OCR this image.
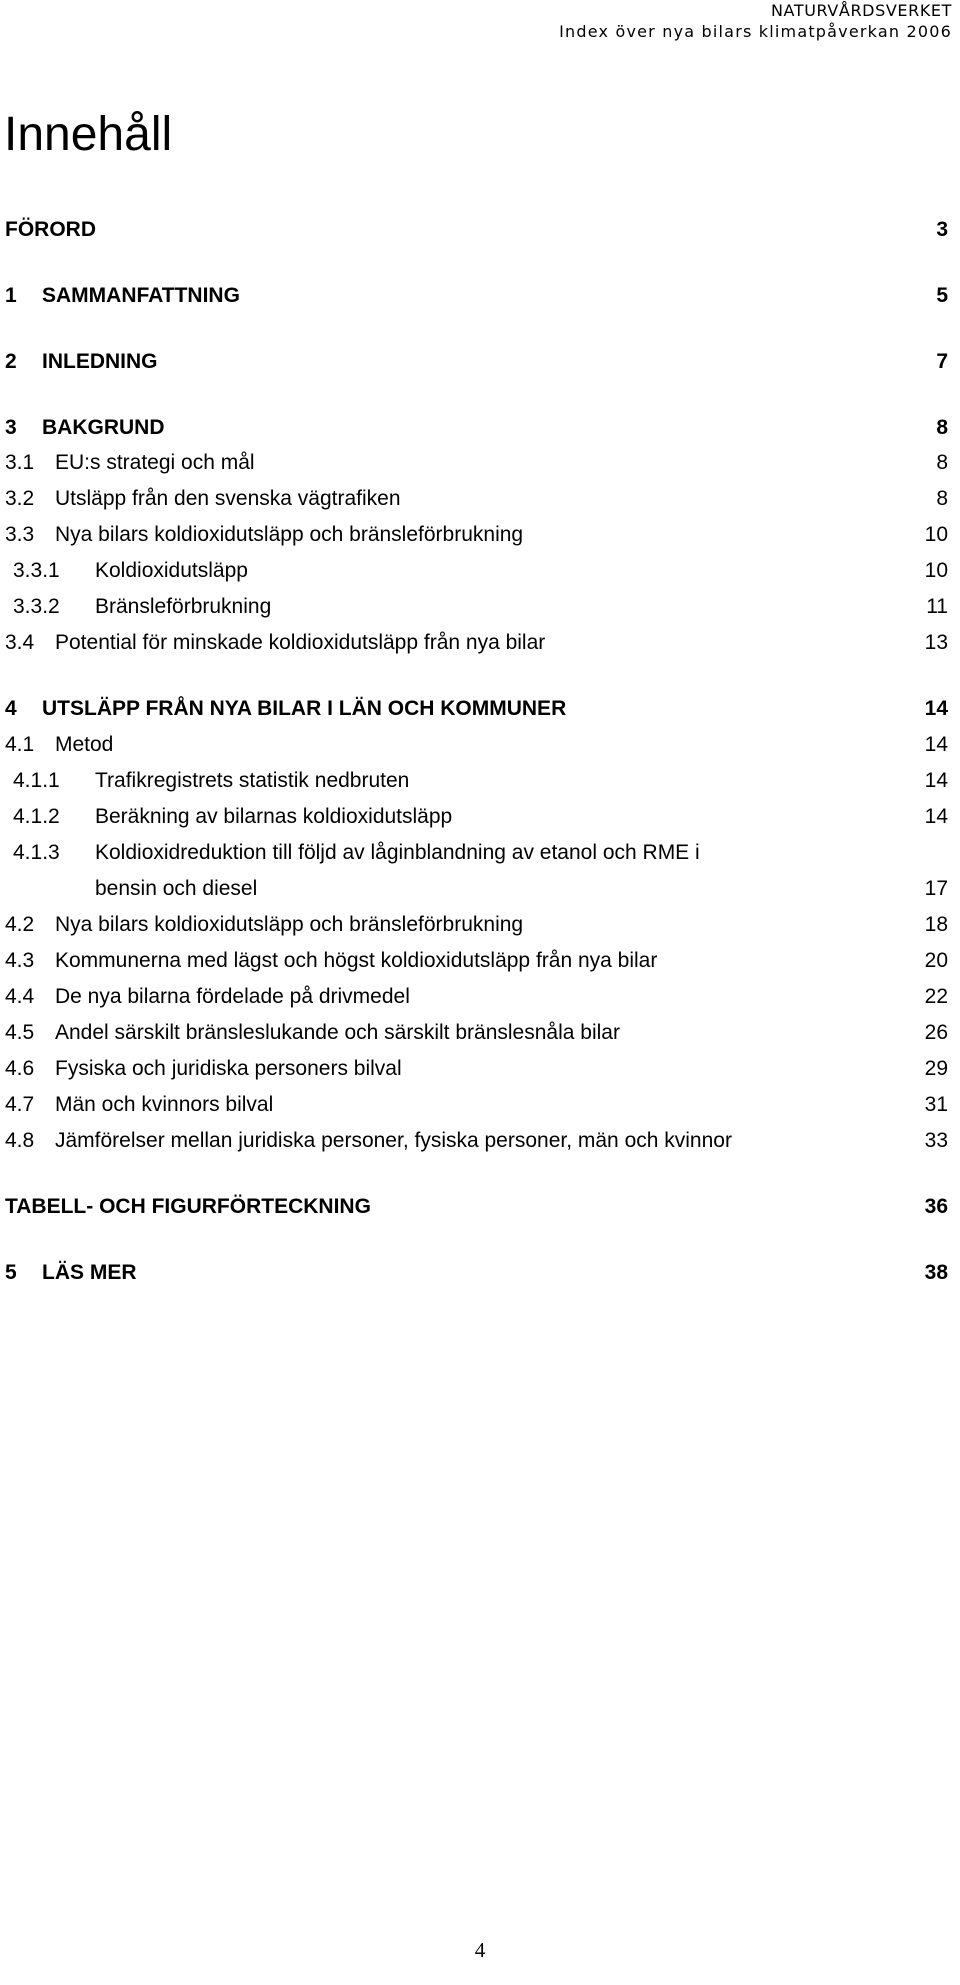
NATURVÅRDSVERKET
Index över nya bilars klimatpåverkan 2006
Innehåll
FÖRORD	3
1 SAMMANFATTNING	5
2 INLEDNING	7
3 BAKGRUND	8
3.1 EU:s strategi och mål	8
3.2 Utsläpp från den svenska vägtrafiken	8
3.3 Nya bilars koldioxidutsläpp och bränsleförbrukning	10
3.3.1 Koldioxidutsläpp	10
3.3.2 Bränsleförbrukning	11
3.4 Potential för minskade koldioxidutsläpp från nya bilar	13
4 UTSLÄPP FRÅN NYA BILAR I LÄN OCH KOMMUNER	14
4.1 Metod	14
4.1.1 Trafikregistrets statistik nedbruten	14
4.1.2 Beräkning av bilarnas koldioxidutsläpp	14
4.1.3 Koldioxidreduktion till följd av låginblandning av etanol och RME i
bensin och diesel	17
4.2 Nya bilars koldioxidutsläpp och bränsleförbrukning	18
4.3 Kommunerna med lägst och högst koldioxidutsläpp från nya bilar	20
4.4 De nya bilarna fördelade på drivmedel	22
4.5 Andel särskilt bränsleslukande och särskilt bränslesnåla bilar	26
4.6 Fysiska och juridiska personers bilval	29
4.7 Män och kvinnors bilval	31
4.8 Jämförelser mellan juridiska personer, fysiska personer, män och kvinnor	33
TABELL- OCH FIGURFÖRTECKNING	36
5 LÄS MER	38
4
